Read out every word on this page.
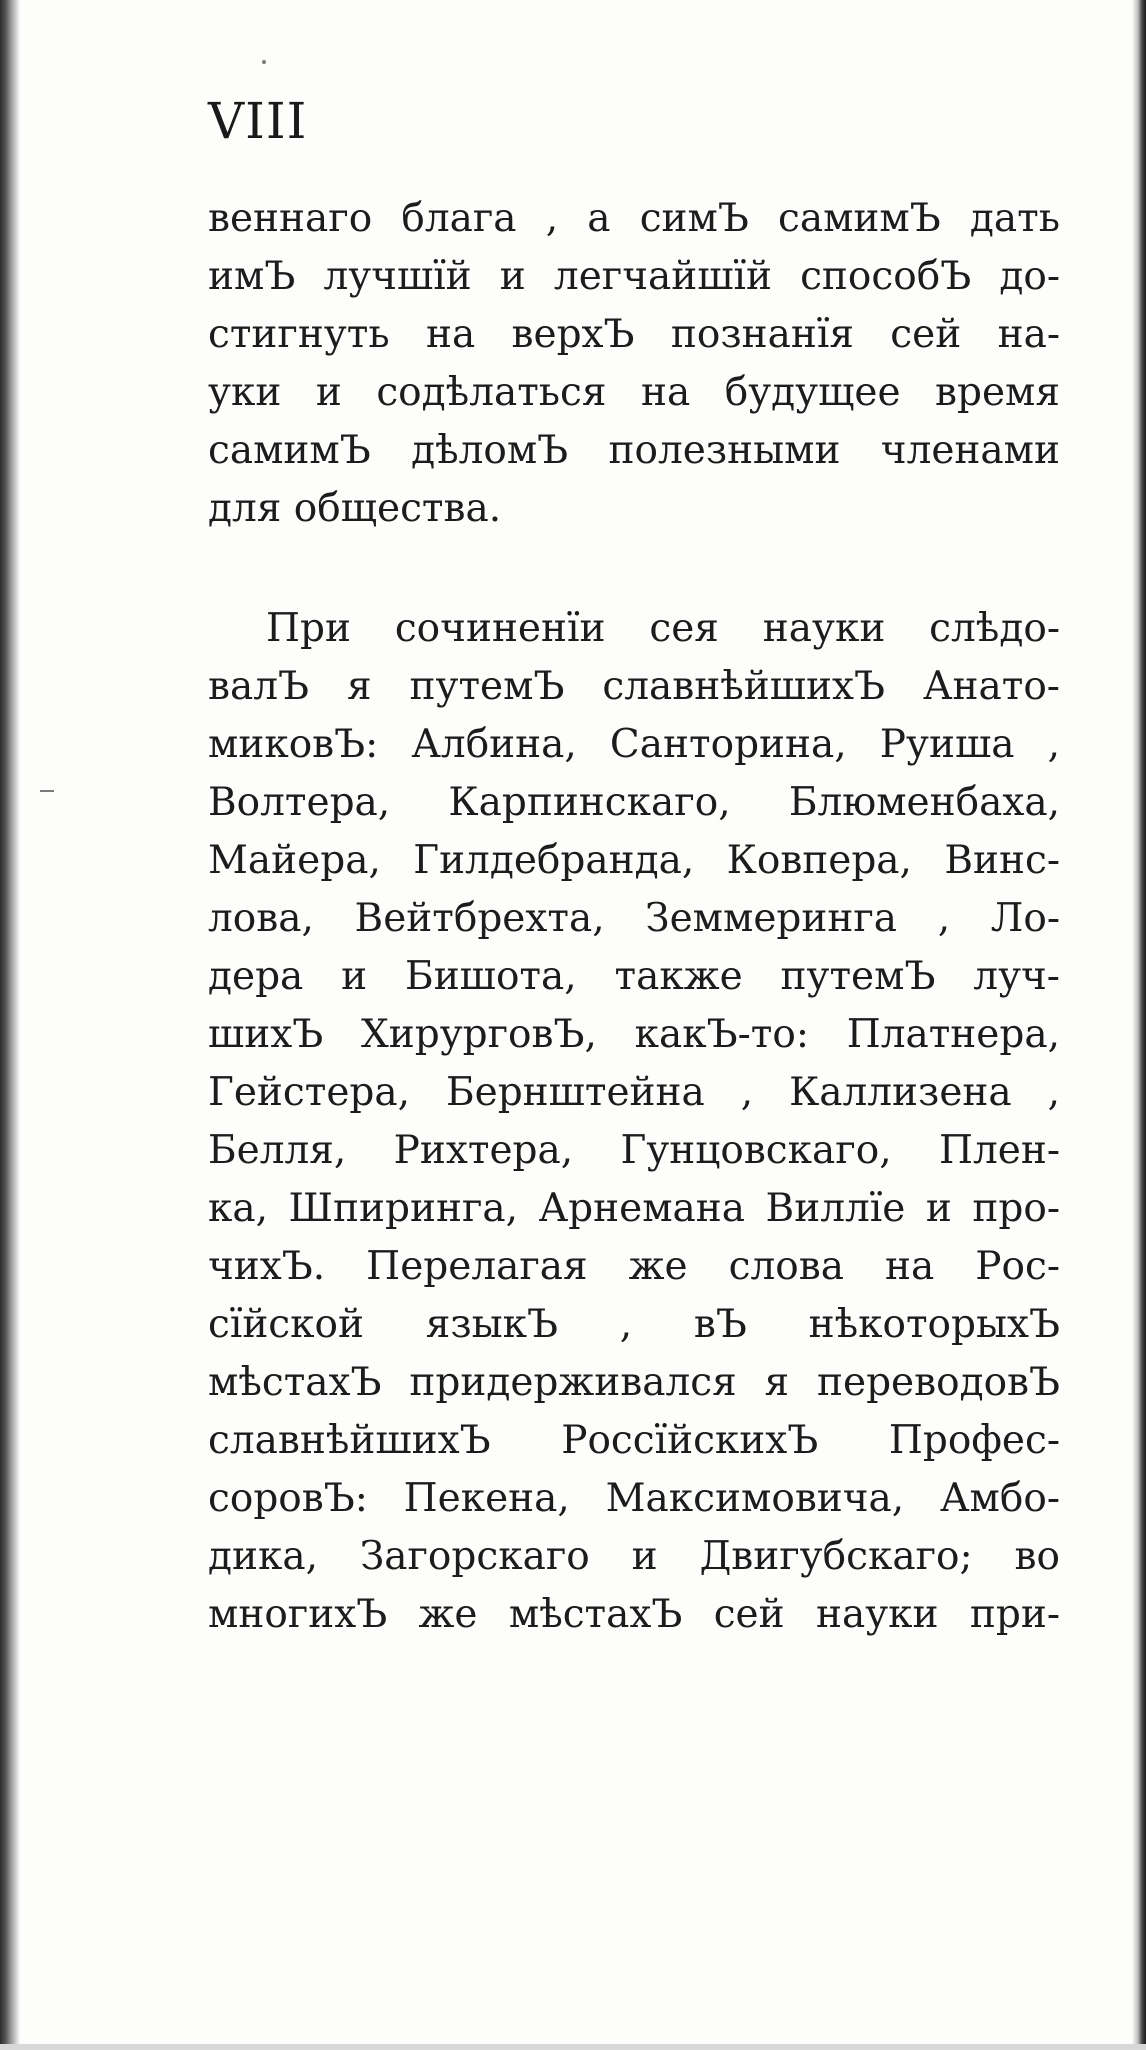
VIII
веннаго блага , а симЪ самимЪ дать
имЪ лучшїй и легчайшїй способЪ до-
стигнуть на верхЪ познанїя сей на-
уки и содѣлаться на будущее время
самимЪ дѣломЪ полезными членами
для общества.
При сочиненїи сея науки слѣдо-
валЪ я путемЪ славнѣйшихЪ Анато-
миковЪ: Албина, Санторина, Руиша ,
Волтера, Карпинскаго, Блюменбаха,
Майера, Гилдебранда, Ковпера, Винс-
лова, Вейтбрехта, Земмеринга , Ло-
дера и Бишота, также путемЪ луч-
шихЪ ХирурговЪ, какЪ-то: Платнера,
Гейстера, Бернштейна , Каллизена ,
Белля, Рихтера, Гунцовскаго, Плен-
ка, Шпиринга, Арнемана Виллїе и про-
чихЪ. Перелагая же слова на Рос-
сїйской языкЪ , вЪ нѣкоторыхЪ
мѣстахЪ придерживался я переводовЪ
славнѣйшихЪ РоссїйскихЪ Профес-
соровЪ: Пекена, Максимовича, Амбо-
дика, Загорскаго и Двигубскаго; во
многихЪ же мѣстахЪ сей науки при-
